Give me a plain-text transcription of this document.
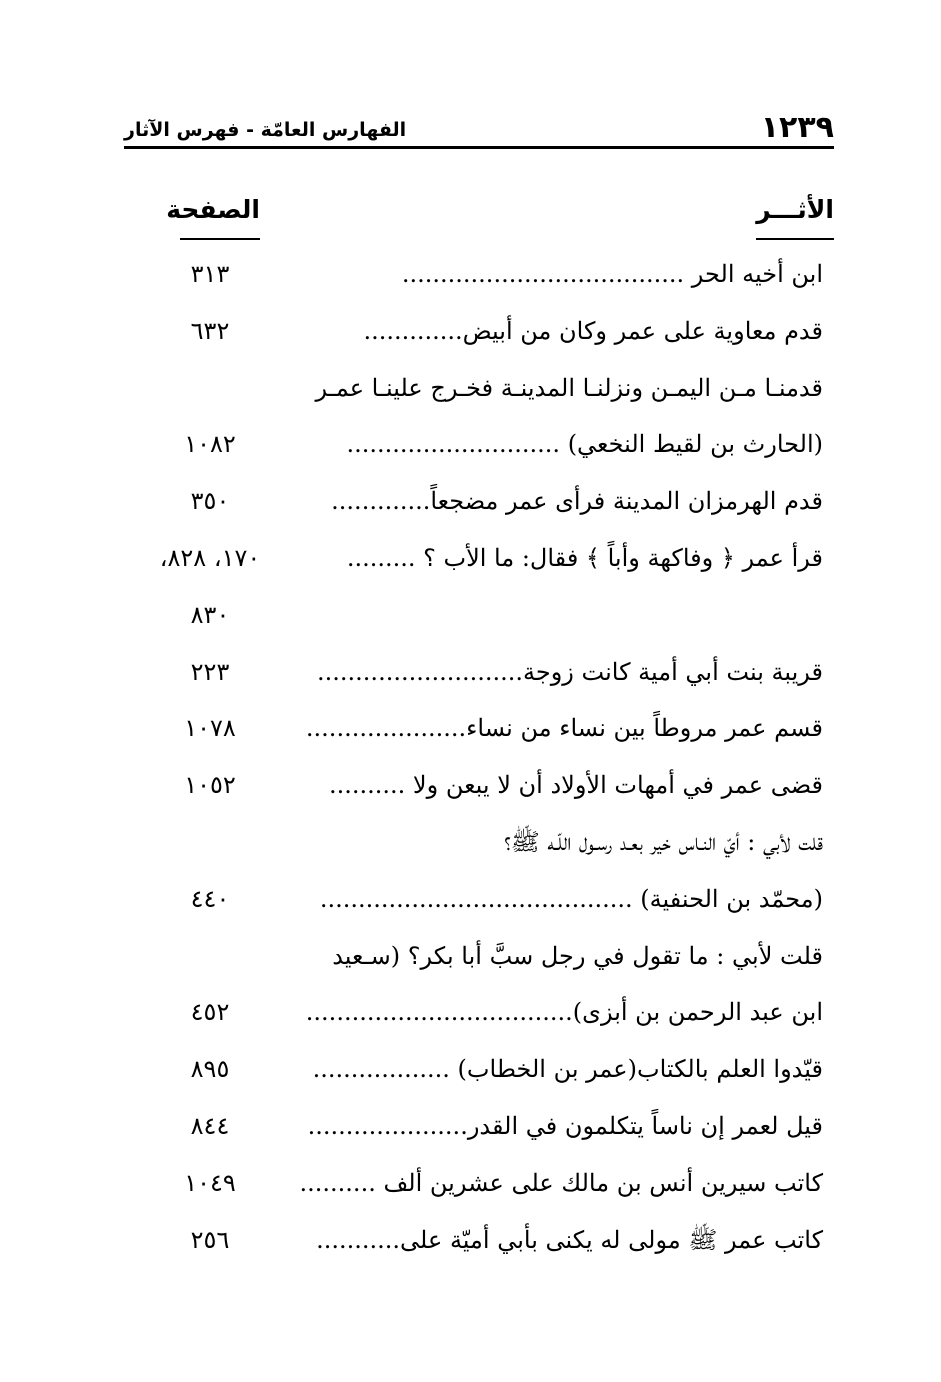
١٢٣٩
الفهارس العامّة - فهرس الآثار
الأثـــر
الصفحة
ابن أخيه الحر .....................................
٣١٣
قدم معاوية على عمر وكان من أبيض.............
٦٣٢
قدمنـا مـن اليمـن ونزلنـا المدينـة فخـرج علينـا عمـر
(الحارث بن لقيط النخعي) ............................
١٠٨٢
قدم الهرمزان المدينة فرأى عمر مضجعاً.............
٣٥٠
قرأ عمر ﴿ وفاكهة وأباً ﴾ فقال: ما الأب ؟ .........
١٧٠، ٨٢٨،
٨٣٠
قريبة بنت أبي أمية كانت زوجة...........................
٢٢٣
قسم عمر مروطاً بين نساء من نساء.....................
١٠٧٨
قضى عمر في أمهات الأولاد أن لا يبعن ولا ..........
١٠٥٢
قلت لأبي : أيّ النـاس خير بعـد رسـول اللّـه ﷺ؟
(محمّد بن الحنفية) .........................................
٤٤٠
قلت لأبي : ما تقول في رجل سبَّ أبا بكر؟ (سـعيد
ابن عبد الرحمن بن أبزى)...................................
٤٥٢
قيّدوا العلم بالكتاب(عمر بن الخطاب) ..................
٨٩٥
قيل لعمر إن ناساً يتكلمون في القدر.....................
٨٤٤
كاتب سيرين أنس بن مالك على عشرين ألف ..........
١٠٤٩
كاتب عمر ﷺ مولى له يكنى بأبي أميّة على...........
٢٥٦
